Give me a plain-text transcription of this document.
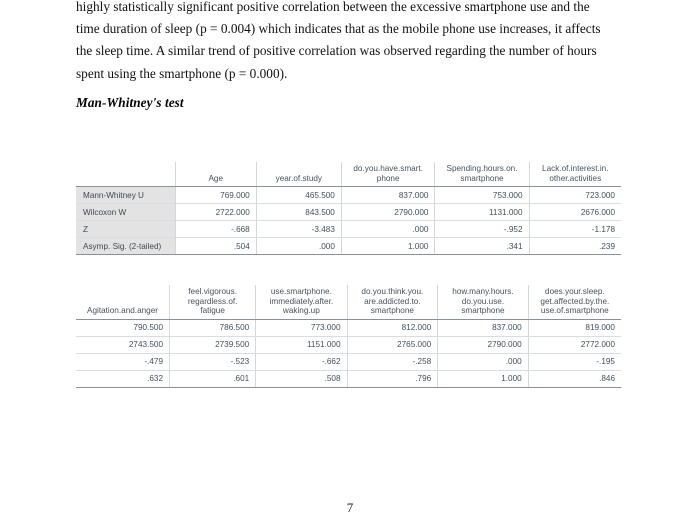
highly statistically significant positive correlation between the excessive smartphone use and the
time duration of sleep (p = 0.004) which indicates that as the mobile phone use increases, it affects
the sleep time. A similar trend of positive correlation was observed regarding the number of hours
spent using the smartphone (p = 0.000).

Man-Whitney's test
	Age	year.of.study	do.you.have.smart.
phone	Spending.hours.on.
smartphone	Lack.of.interest.in.
other.activities
Mann-Whitney U	769.000	465.500	837.000	753.000	723.000
Wilcoxon W	2722.000	843.500	2790.000	1131.000	2676.000
Z	-.668	-3.483	.000	-.952	-1.178
Asymp. Sig. (2-tailed)	.504	.000	1.000	.341	.239
Agitation.and.anger	feel.vigorous.
regardless.of.
fatigue	use.smartphone.
immediately.after.
waking.up	do.you.think.you.
are.addicted.to.
smartphone	how.many.hours.
do.you.use.
smartphone	does.your.sleep.
get.affected.by.the.
use.of.smartphone
790.500	786.500	773.000	812.000	837.000	819.000
2743.500	2739.500	1151.000	2765.000	2790.000	2772.000
-.479	-.523	-.662	-.258	.000	-.195
.632	.601	.508	.796	1.000	.846
7
